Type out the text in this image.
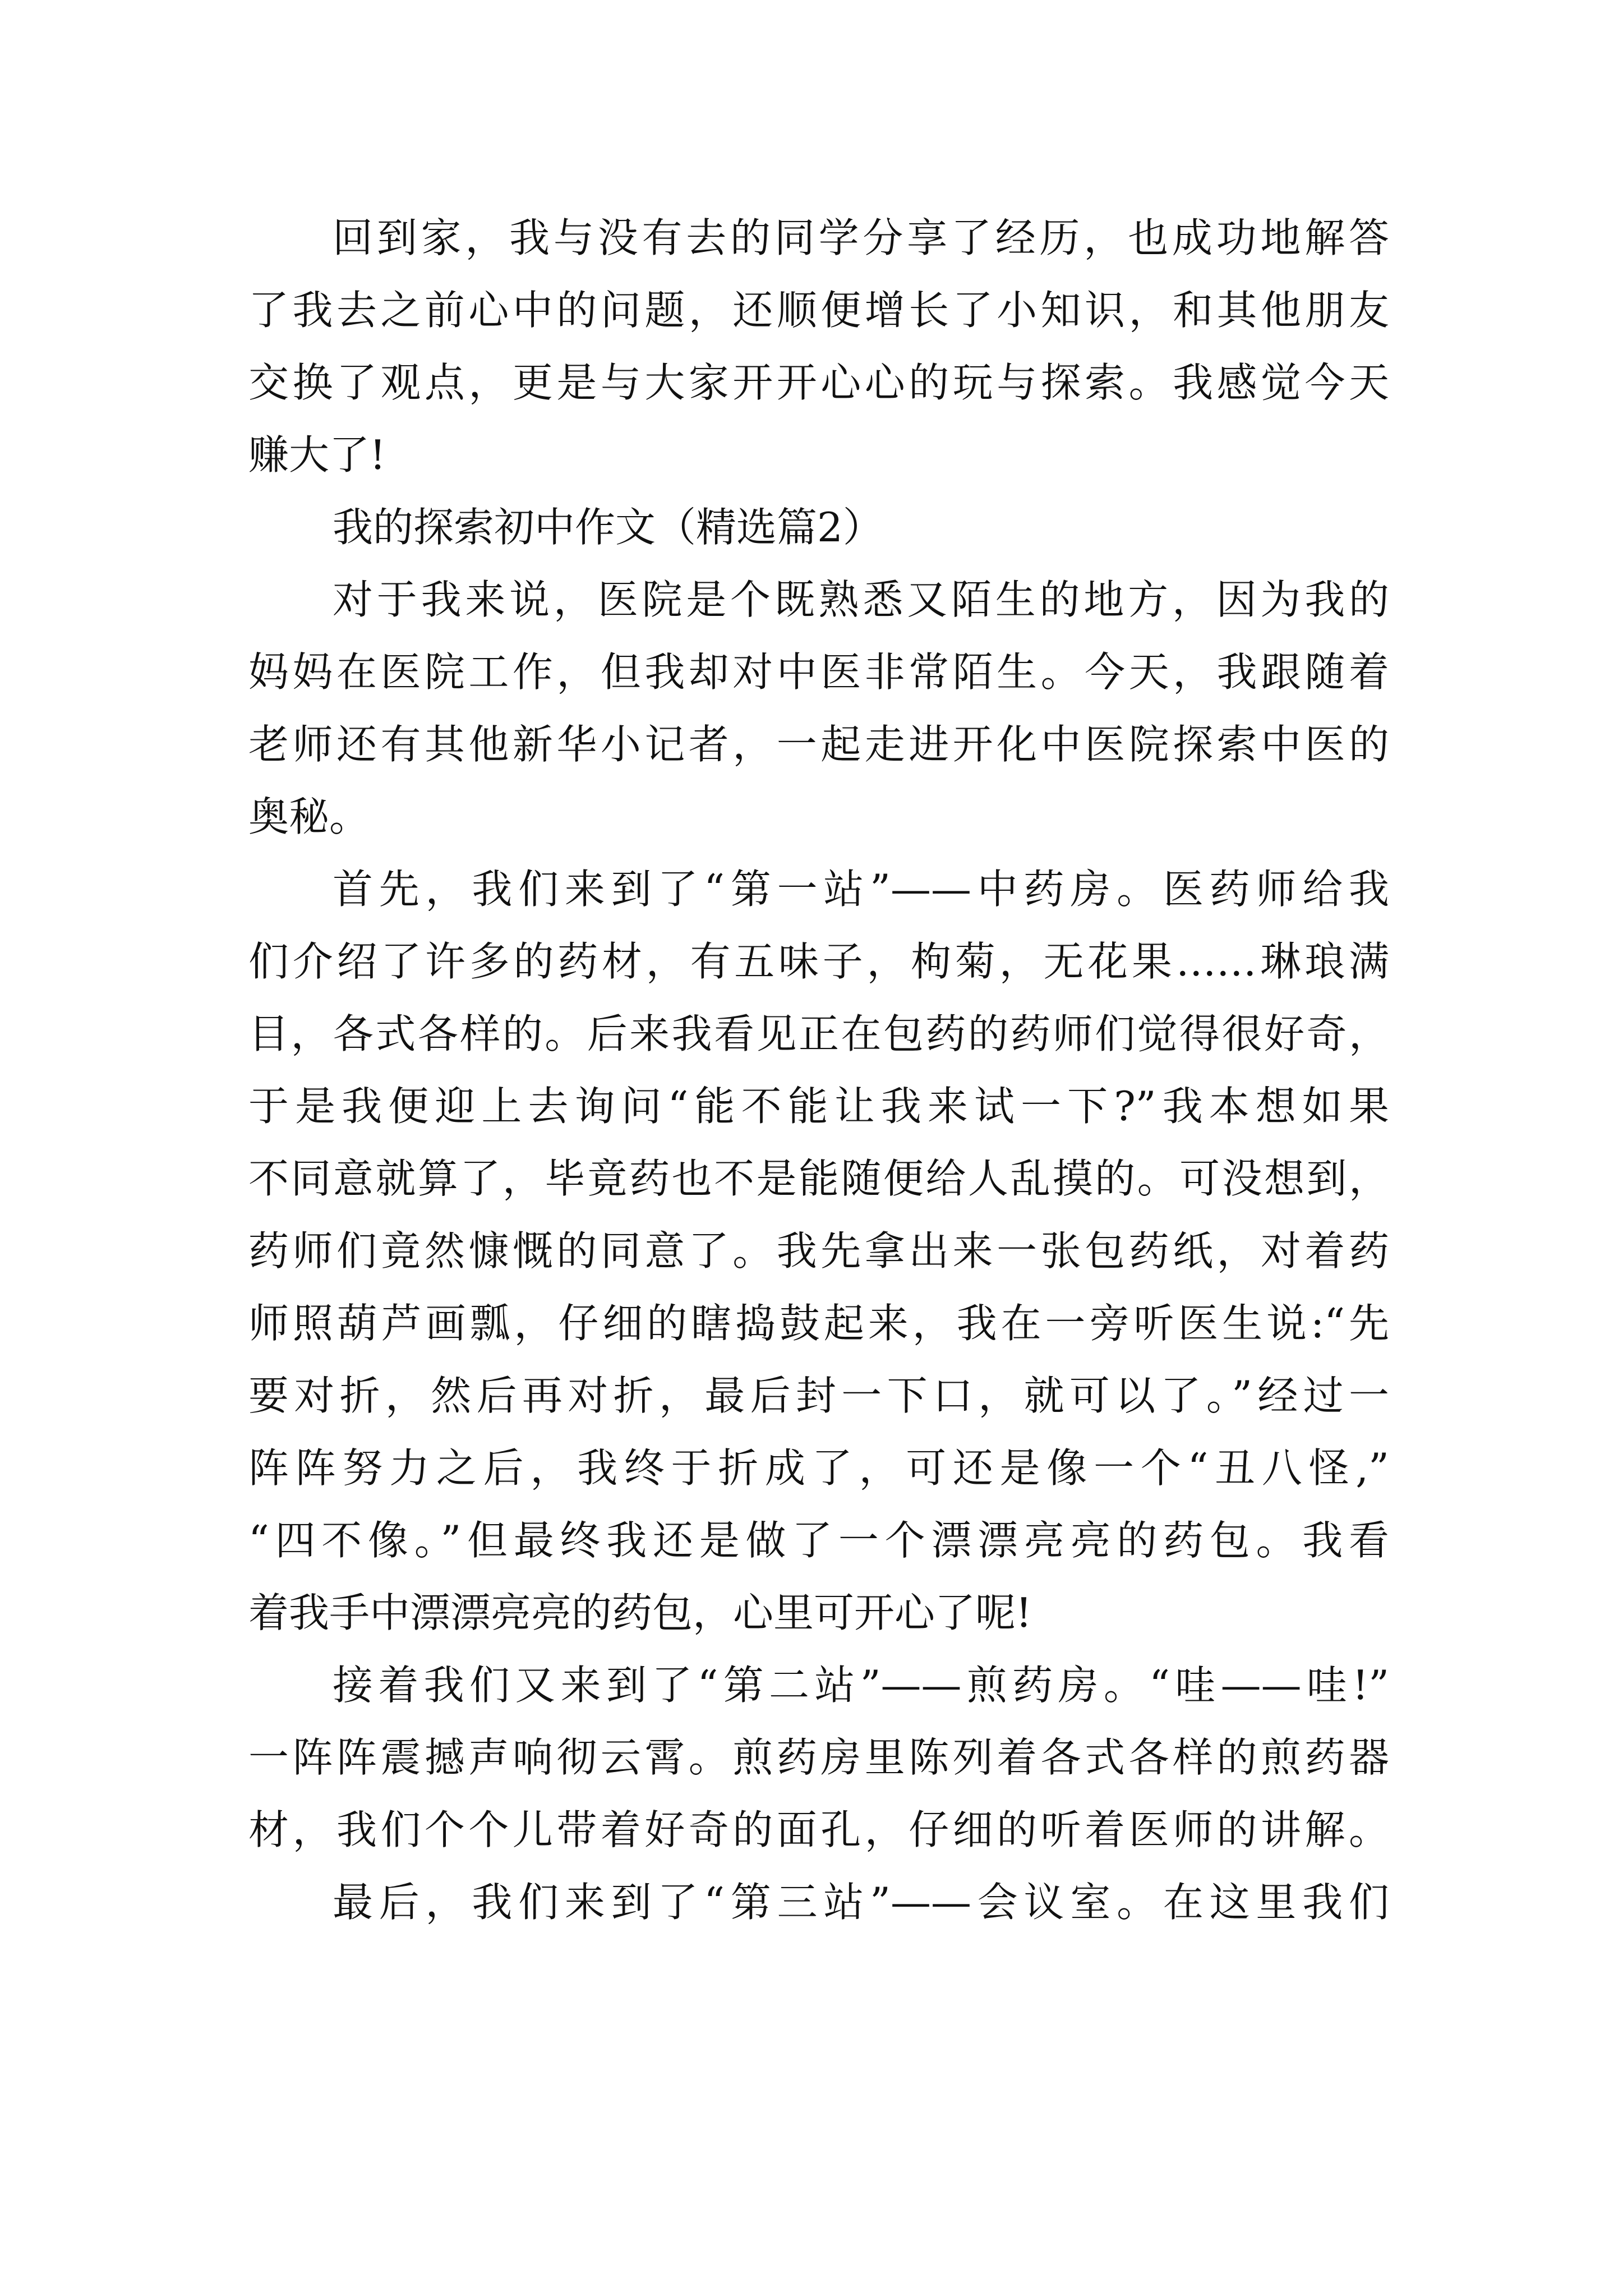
回到家，我与没有去的同学分享了经历，也成功地解答
了我去之前心中的问题，还顺便增长了小知识，和其他朋友
交换了观点，更是与大家开开心心的玩与探索。我感觉今天
赚大了!
我的探索初中作文（精选篇2）
对于我来说，医院是个既熟悉又陌生的地方，因为我的
妈妈在医院工作，但我却对中医非常陌生。今天，我跟随着
老师还有其他新华小记者，一起走进开化中医院探索中医的
奥秘。
首先，我们来到了“第一站”——中药房。医药师给我
们介绍了许多的药材，有五味子，枸菊，无花果……琳琅满
目，各式各样的。后来我看见正在包药的药师们觉得很好奇，
于是我便迎上去询问“能不能让我来试一下?”我本想如果
不同意就算了，毕竟药也不是能随便给人乱摸的。可没想到，
药师们竟然慷慨的同意了。我先拿出来一张包药纸，对着药
师照葫芦画瓢，仔细的瞎捣鼓起来，我在一旁听医生说:“先
要对折，然后再对折，最后封一下口，就可以了。”经过一
阵阵努力之后，我终于折成了，可还是像一个“丑八怪,”
“四不像。”但最终我还是做了一个漂漂亮亮的药包。我看
着我手中漂漂亮亮的药包，心里可开心了呢!
接着我们又来到了“第二站”——煎药房。“哇——哇!”
一阵阵震撼声响彻云霄。煎药房里陈列着各式各样的煎药器
材，我们个个儿带着好奇的面孔，仔细的听着医师的讲解。
最后，我们来到了“第三站”——会议室。在这里我们
